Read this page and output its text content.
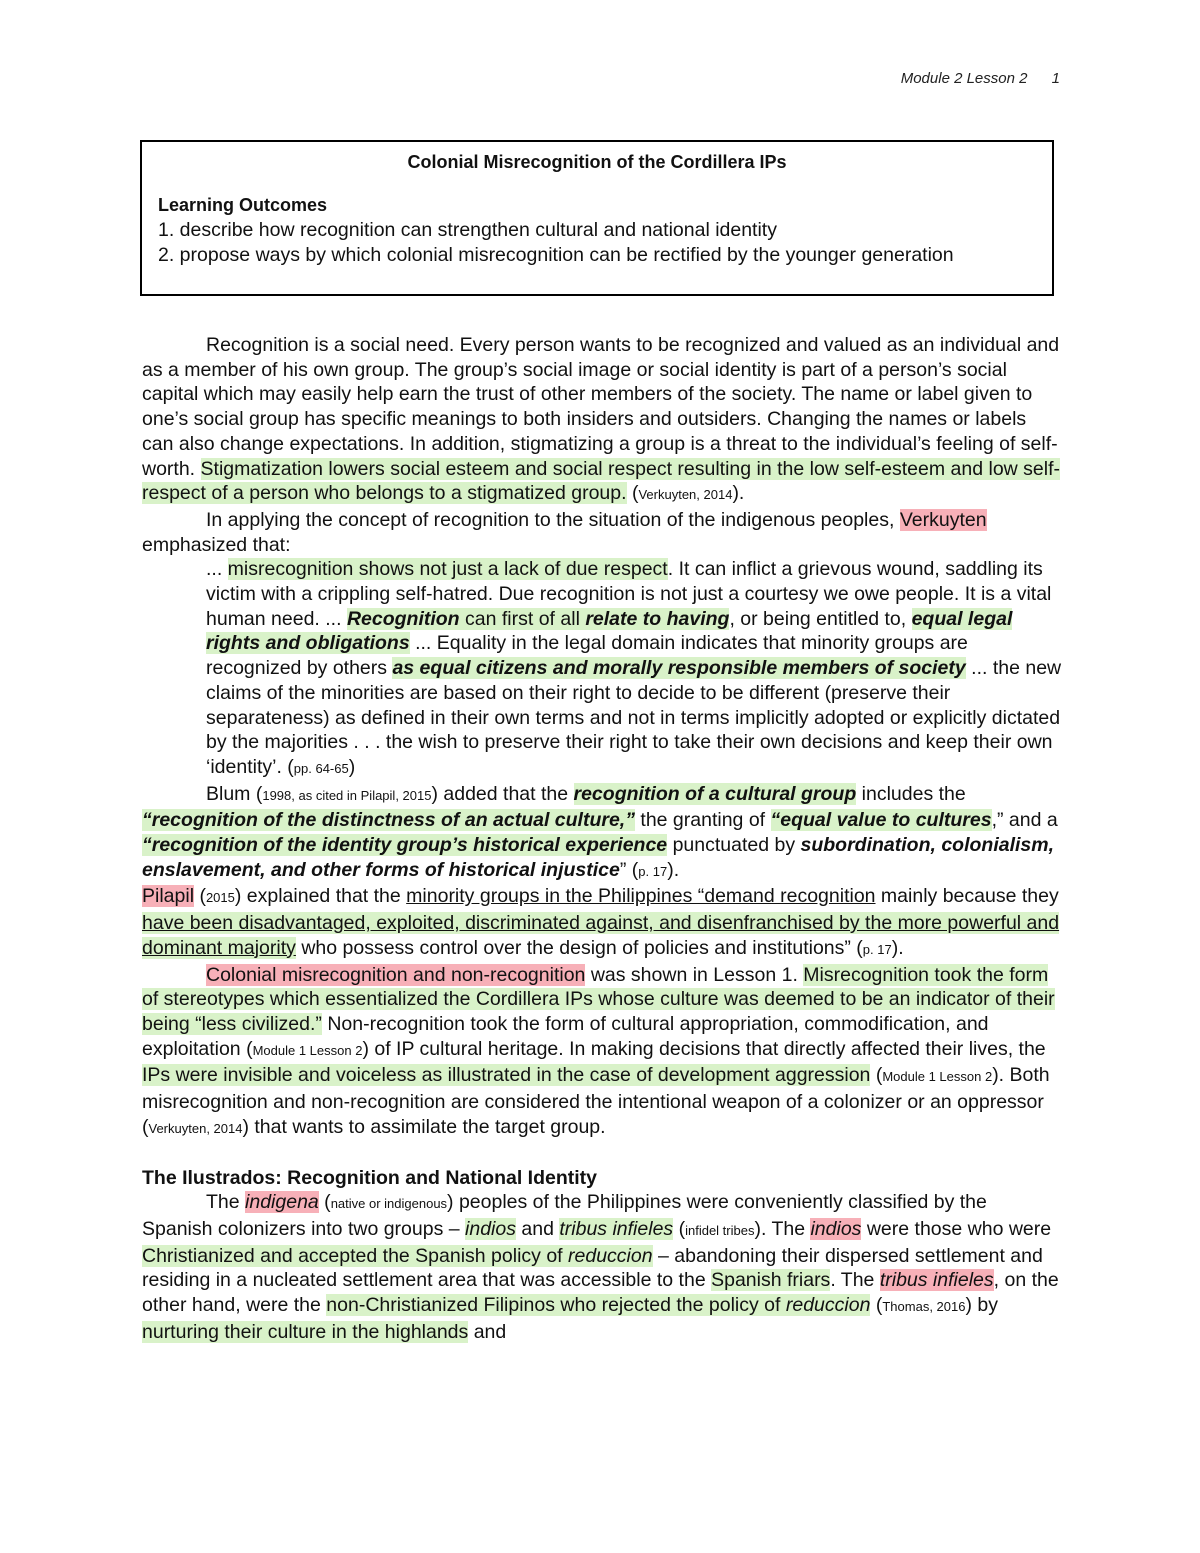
Module 2 Lesson 2 1
Colonial Misrecognition of the Cordillera IPs
Learning Outcomes
1. describe how recognition can strengthen cultural and national identity
2. propose ways by which colonial misrecognition can be rectified by the younger generation

Recognition is a social need. Every person wants to be recognized and valued as an individual and as a member of his own group. The group’s social image or social identity is part of a person’s social capital which may easily help earn the trust of other members of the society. The name or label given to one’s social group has specific meanings to both insiders and outsiders. Changing the names or labels can also change expectations. In addition, stigmatizing a group is a threat to the individual’s feeling of self-worth. Stigmatization lowers social esteem and social respect resulting in the low self-esteem and low self-respect of a person who belongs to a stigmatized group. (Verkuyten, 2014).

In applying the concept of recognition to the situation of the indigenous peoples, Verkuyten emphasized that:

... misrecognition shows not just a lack of due respect. It can inflict a grievous wound, saddling its victim with a crippling self-hatred. Due recognition is not just a courtesy we owe people. It is a vital human need. ... Recognition can first of all relate to having, or being entitled to, equal legal rights and obligations ... Equality in the legal domain indicates that minority groups are recognized by others as equal citizens and morally responsible members of society ... the new claims of the minorities are based on their right to decide to be different (preserve their separateness) as defined in their own terms and not in terms implicitly adopted or explicitly dictated by the majorities . . . the wish to preserve their right to take their own decisions and keep their own ‘identity’. (pp. 64-65)

Blum (1998, as cited in Pilapil, 2015) added that the recognition of a cultural group includes the “recognition of the distinctness of an actual culture,” the granting of “equal value to cultures,” and a “recognition of the identity group’s historical experience punctuated by subordination, colonialism, enslavement, and other forms of historical injustice” (p. 17).

Pilapil (2015) explained that the minority groups in the Philippines “demand recognition mainly because they have been disadvantaged, exploited, discriminated against, and disenfranchised by the more powerful and dominant majority who possess control over the design of policies and institutions” (p. 17).

Colonial misrecognition and non-recognition was shown in Lesson 1. Misrecognition took the form of stereotypes which essentialized the Cordillera IPs whose culture was deemed to be an indicator of their being “less civilized.” Non-recognition took the form of cultural appropriation, commodification, and exploitation (Module 1 Lesson 2) of IP cultural heritage. In making decisions that directly affected their lives, the IPs were invisible and voiceless as illustrated in the case of development aggression (Module 1 Lesson 2). Both misrecognition and non-recognition are considered the intentional weapon of a colonizer or an oppressor (Verkuyten, 2014) that wants to assimilate the target group.

The Ilustrados: Recognition and National Identity

The indigena (native or indigenous) peoples of the Philippines were conveniently classified by the Spanish colonizers into two groups – indios and tribus infieles (infidel tribes). The indios were those who were Christianized and accepted the Spanish policy of reduccion – abandoning their dispersed settlement and residing in a nucleated settlement area that was accessible to the Spanish friars. The tribus infieles, on the other hand, were the non-Christianized Filipinos who rejected the policy of reduccion (Thomas, 2016) by nurturing their culture in the highlands and
